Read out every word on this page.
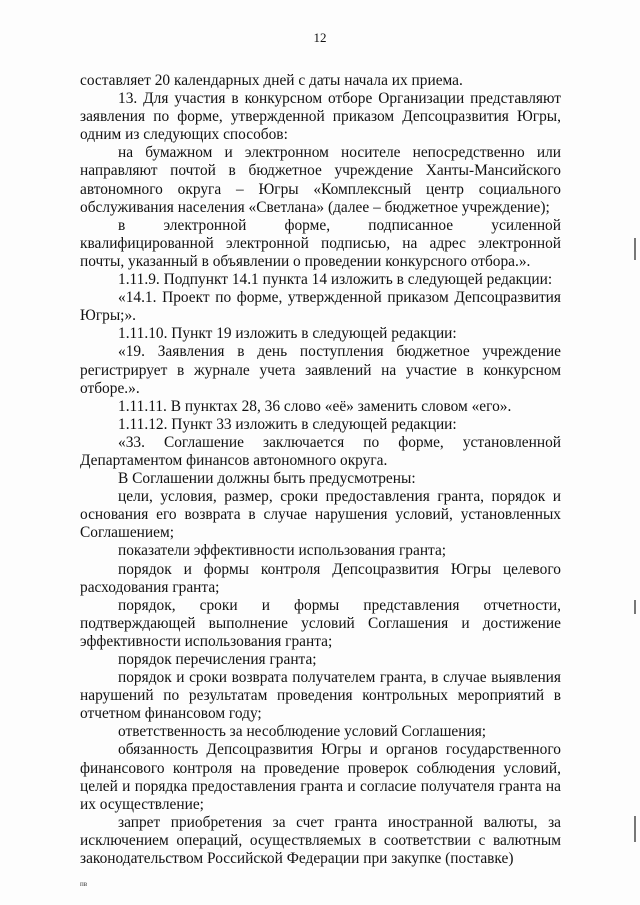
12

составляет 20 календарных дней с даты начала их приема.

13. Для участия в конкурсном отборе Организации представляют заявления по форме, утвержденной приказом Депсоцразвития Югры, одним из следующих способов:

на бумажном и электронном носителе непосредственно или направляют почтой в бюджетное учреждение Ханты-Мансийского автономного округа – Югры «Комплексный центр социального обслуживания населения «Светлана» (далее – бюджетное учреждение);

в электронной форме, подписанное усиленной квалифицированной электронной подписью, на адрес электронной почты, указанный в объявлении о проведении конкурсного отбора.».

1.11.9. Подпункт 14.1 пункта 14 изложить в следующей редакции:

«14.1. Проект по форме, утвержденной приказом Депсоцразвития Югры;».

1.11.10. Пункт 19 изложить в следующей редакции:

«19. Заявления в день поступления бюджетное учреждение регистрирует в журнале учета заявлений на участие в конкурсном отборе.».

1.11.11. В пунктах 28, 36 слово «её» заменить словом «его».

1.11.12. Пункт 33 изложить в следующей редакции:

«33. Соглашение заключается по форме, установленной Департаментом финансов автономного округа.

В Соглашении должны быть предусмотрены:

цели, условия, размер, сроки предоставления гранта, порядок и основания его возврата в случае нарушения условий, установленных Соглашением;

показатели эффективности использования гранта;

порядок и формы контроля Депсоцразвития Югры целевого расходования гранта;

порядок, сроки и формы представления отчетности, подтверждающей выполнение условий Соглашения и достижение эффективности использования гранта;

порядок перечисления гранта;

порядок и сроки возврата получателем гранта, в случае выявления нарушений по результатам проведения контрольных мероприятий в отчетном финансовом году;

ответственность за несоблюдение условий Соглашения;

обязанность Депсоцразвития Югры и органов государственного финансового контроля на проведение проверок соблюдения условий, целей и порядка предоставления гранта и согласие получателя гранта на их осуществление;

запрет приобретения за счет гранта иностранной валюты, за исключением операций, осуществляемых в соответствии с валютным законодательством Российской Федерации при закупке (поставке)

пв
